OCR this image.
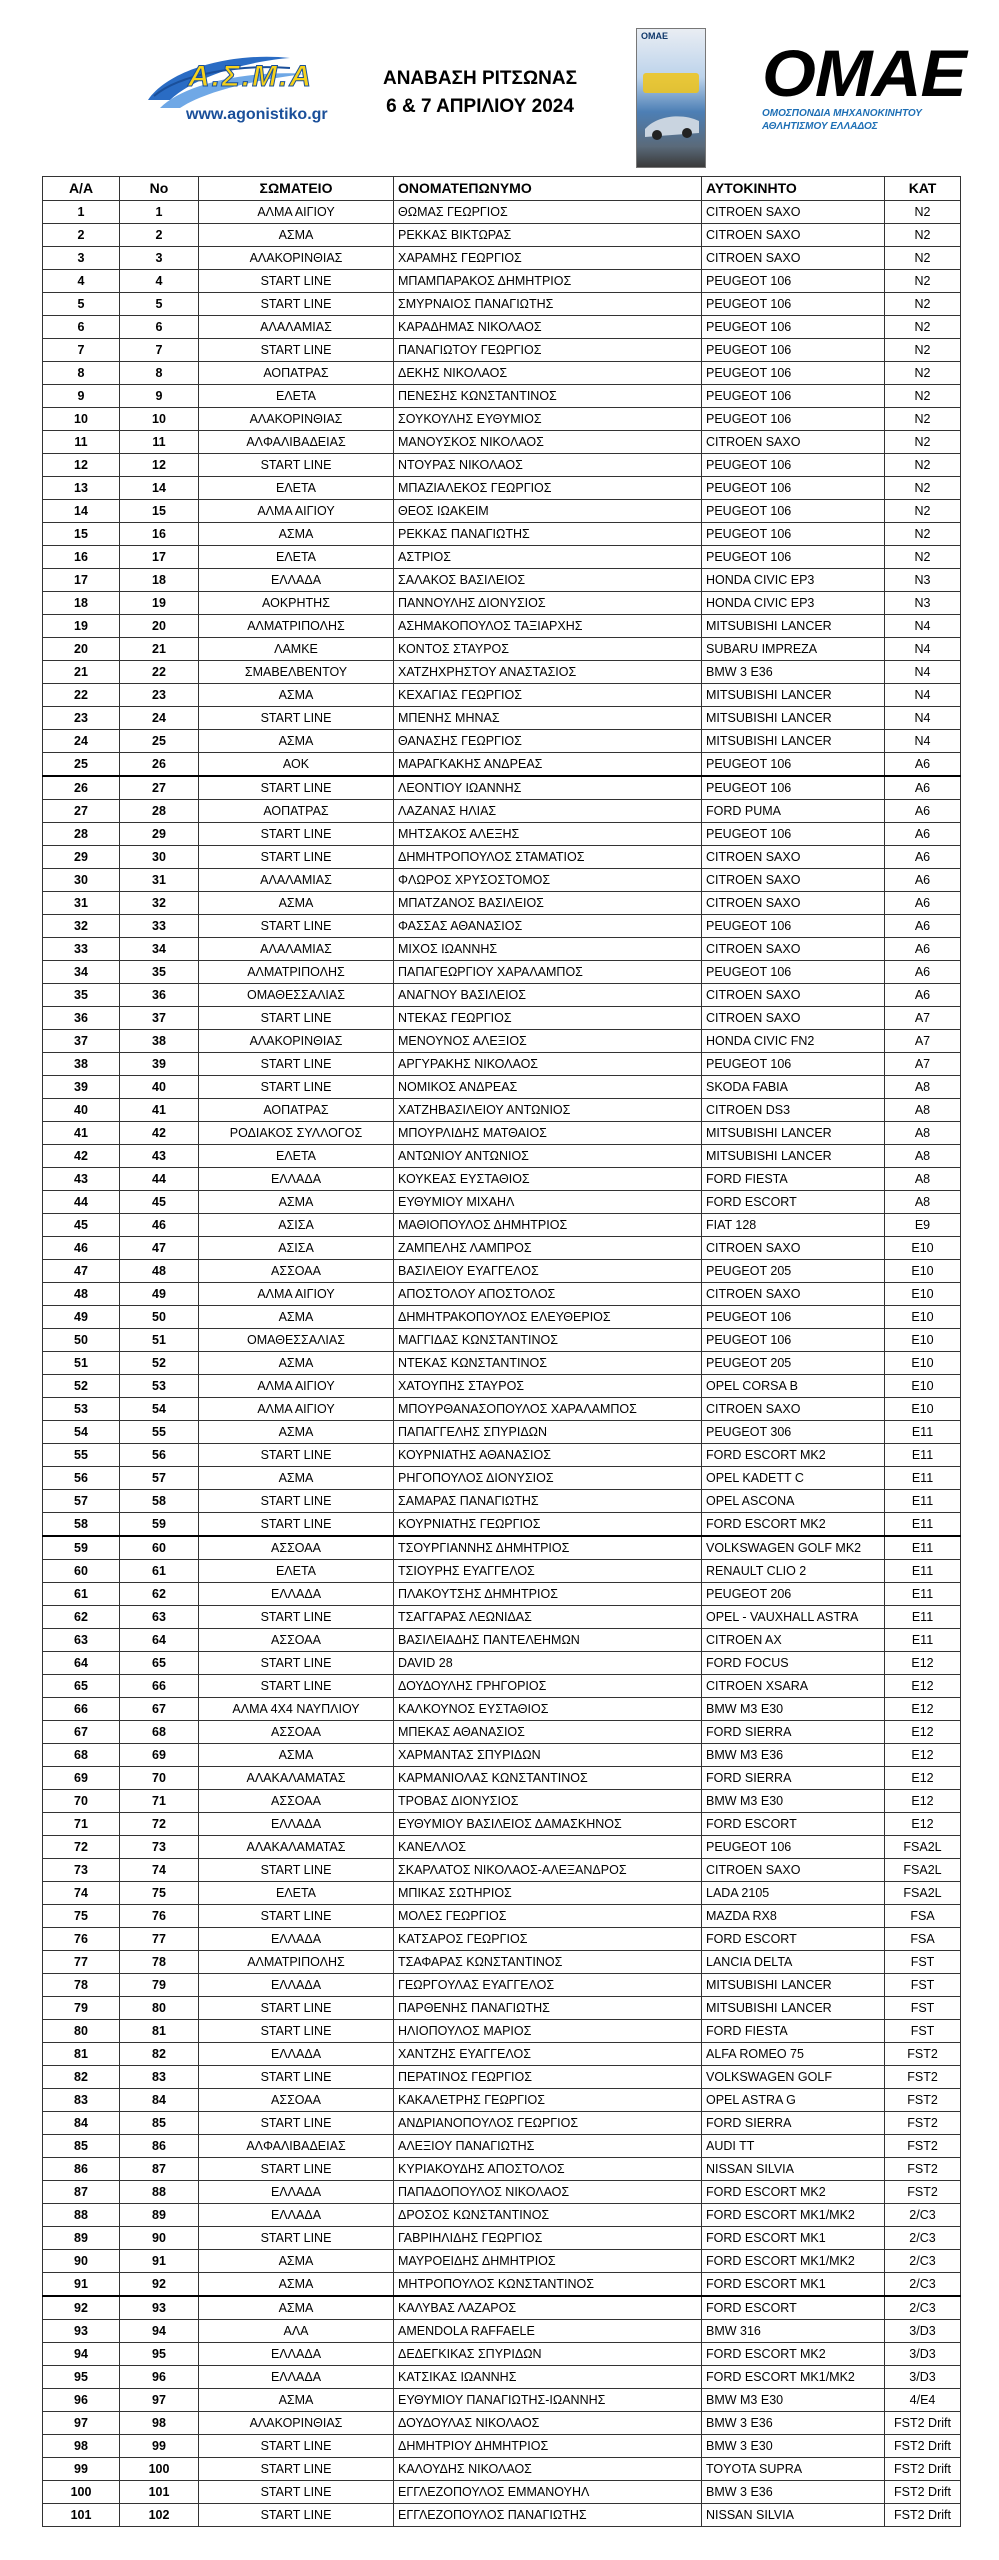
Α.Σ.Μ.Α
www.agonistiko.gr
ΑΝΑΒΑΣΗ ΡΙΤΣΩΝΑΣ
6 & 7 ΑΠΡΙΛΙΟΥ 2024
ΟΜΑΕ ΟΜΑΕ
ΟΜΟΣΠΟΝΔΙΑ ΜΗΧΑΝΟΚΙΝΗΤΟΥ
ΑΘΛΗΤΙΣΜΟΥ ΕΛΛΑΔΟΣ
Α/Α	Νο	ΣΩΜΑΤΕΙΟ	ΟΝΟΜΑΤΕΠΩΝΥΜΟ	ΑΥΤΟΚΙΝΗΤΟ	ΚΑΤ
1	1	ΑΛΜΑ ΑΙΓΙΟΥ	ΘΩΜΑΣ ΓΕΩΡΓΙΟΣ	CITROEN SAXO	N2
2	2	ΑΣΜΑ	ΡΕΚΚΑΣ ΒΙΚΤΩΡΑΣ	CITROEN SAXO	N2
3	3	ΑΛΑΚΟΡΙΝΘΙΑΣ	ΧΑΡΑΜΗΣ ΓΕΩΡΓΙΟΣ	CITROEN SAXO	N2
4	4	START LINE	ΜΠΑΜΠΑΡΑΚΟΣ ΔΗΜΗΤΡΙΟΣ	PEUGEOT 106	N2
5	5	START LINE	ΣΜΥΡΝΑΙΟΣ ΠΑΝΑΓΙΩΤΗΣ	PEUGEOT 106	N2
6	6	ΑΛΑΛΑΜΙΑΣ	ΚΑΡΑΔΗΜΑΣ ΝΙΚΟΛΑΟΣ	PEUGEOT 106	N2
7	7	START LINE	ΠΑΝΑΓΙΩΤΟΥ ΓΕΩΡΓΙΟΣ	PEUGEOT 106	N2
8	8	ΑΟΠΑΤΡΑΣ	ΔΕΚΗΣ ΝΙΚΟΛΑΟΣ	PEUGEOT 106	N2
9	9	ΕΛΕΤΑ	ΠΕΝΕΣΗΣ ΚΩΝΣΤΑΝΤΙΝΟΣ	PEUGEOT 106	N2
10	10	ΑΛΑΚΟΡΙΝΘΙΑΣ	ΣΟΥΚΟΥΛΗΣ ΕΥΘΥΜΙΟΣ	PEUGEOT 106	N2
11	11	ΑΛΦΑΛΙΒΑΔΕΙΑΣ	ΜΑΝΟΥΣΚΟΣ ΝΙΚΟΛΑΟΣ	CITROEN SAXO	N2
12	12	START LINE	ΝΤΟΥΡΑΣ ΝΙΚΟΛΑΟΣ	PEUGEOT 106	N2
13	14	ΕΛΕΤΑ	ΜΠΑΖΙΑΛΕΚΟΣ ΓΕΩΡΓΙΟΣ	PEUGEOT 106	N2
14	15	ΑΛΜΑ ΑΙΓΙΟΥ	ΘΕΟΣ ΙΩΑΚΕΙΜ	PEUGEOT 106	N2
15	16	ΑΣΜΑ	ΡΕΚΚΑΣ ΠΑΝΑΓΙΩΤΗΣ	PEUGEOT 106	N2
16	17	ΕΛΕΤΑ	ΑΣΤΡΙΟΣ	PEUGEOT 106	N2
17	18	ΕΛΛΑΔΑ	ΣΑΛΑΚΟΣ ΒΑΣΙΛΕΙΟΣ	HONDA CIVIC EP3	N3
18	19	ΑΟΚΡΗΤΗΣ	ΠΑΝΝΟΥΛΗΣ ΔΙΟΝΥΣΙΟΣ	HONDA CIVIC EP3	N3
19	20	ΑΛΜΑΤΡΙΠΟΛΗΣ	ΑΣΗΜΑΚΟΠΟΥΛΟΣ ΤΑΞΙΑΡΧΗΣ	MITSUBISHI LANCER	N4
20	21	ΛΑΜΚΕ	ΚΟΝΤΟΣ ΣΤΑΥΡΟΣ	SUBARU IMPREZA	N4
21	22	ΣΜΑΒΕΛΒΕΝΤΟΥ	ΧΑΤΖΗΧΡΗΣΤΟΥ ΑΝΑΣΤΑΣΙΟΣ	BMW 3 E36	N4
22	23	ΑΣΜΑ	ΚΕΧΑΓΙΑΣ ΓΕΩΡΓΙΟΣ	MITSUBISHI LANCER	N4
23	24	START LINE	ΜΠΕΝΗΣ ΜΗΝΑΣ	MITSUBISHI LANCER	N4
24	25	ΑΣΜΑ	ΘΑΝΑΣΗΣ ΓΕΩΡΓΙΟΣ	MITSUBISHI LANCER	N4
25	26	ΑΟΚ	ΜΑΡΑΓΚΑΚΗΣ ΑΝΔΡΕΑΣ	PEUGEOT 106	A6
26	27	START LINE	ΛΕΟΝΤΙΟΥ ΙΩΑΝΝΗΣ	PEUGEOT 106	A6
27	28	ΑΟΠΑΤΡΑΣ	ΛΑΖΑΝΑΣ ΗΛΙΑΣ	FORD PUMA	A6
28	29	START LINE	ΜΗΤΣΑΚΟΣ ΑΛΕΞΗΣ	PEUGEOT 106	A6
29	30	START LINE	ΔΗΜΗΤΡΟΠΟΥΛΟΣ ΣΤΑΜΑΤΙΟΣ	CITROEN SAXO	A6
30	31	ΑΛΑΛΑΜΙΑΣ	ΦΛΩΡΟΣ ΧΡΥΣΟΣΤΟΜΟΣ	CITROEN SAXO	A6
31	32	ΑΣΜΑ	ΜΠΑΤΖΑΝΟΣ ΒΑΣΙΛΕΙΟΣ	CITROEN SAXO	A6
32	33	START LINE	ΦΑΣΣΑΣ ΑΘΑΝΑΣΙΟΣ	PEUGEOT 106	A6
33	34	ΑΛΑΛΑΜΙΑΣ	ΜΙΧΟΣ ΙΩΑΝΝΗΣ	CITROEN SAXO	A6
34	35	ΑΛΜΑΤΡΙΠΟΛΗΣ	ΠΑΠΑΓΕΩΡΓΙΟΥ ΧΑΡΑΛΑΜΠΟΣ	PEUGEOT 106	A6
35	36	ΟΜΑΘΕΣΣΑΛΙΑΣ	ΑΝΑΓΝΟΥ ΒΑΣΙΛΕΙΟΣ	CITROEN SAXO	A6
36	37	START LINE	ΝΤΕΚΑΣ ΓΕΩΡΓΙΟΣ	CITROEN SAXO	A7
37	38	ΑΛΑΚΟΡΙΝΘΙΑΣ	ΜΕΝΟΥΝΟΣ ΑΛΕΞΙΟΣ	HONDA CIVIC FN2	A7
38	39	START LINE	ΑΡΓΥΡΑΚΗΣ ΝΙΚΟΛΑΟΣ	PEUGEOT 106	A7
39	40	START LINE	ΝΟΜΙΚΟΣ ΑΝΔΡΕΑΣ	SKODA FABIA	A8
40	41	ΑΟΠΑΤΡΑΣ	ΧΑΤΖΗΒΑΣΙΛΕΙΟΥ ΑΝΤΩΝΙΟΣ	CITROEN DS3	A8
41	42	ΡΟΔΙΑΚΟΣ ΣΥΛΛΟΓΟΣ	ΜΠΟΥΡΛΙΔΗΣ ΜΑΤΘΑΙΟΣ	MITSUBISHI LANCER	A8
42	43	ΕΛΕΤΑ	ΑΝΤΩΝΙΟΥ ΑΝΤΩΝΙΟΣ	MITSUBISHI LANCER	A8
43	44	ΕΛΛΑΔΑ	ΚΟΥΚΕΑΣ ΕΥΣΤΑΘΙΟΣ	FORD FIESTA	A8
44	45	ΑΣΜΑ	ΕΥΘΥΜΙΟΥ ΜΙΧΑΗΛ	FORD ESCORT	A8
45	46	ΑΣΙΣΑ	ΜΑΘΙΟΠΟΥΛΟΣ ΔΗΜΗΤΡΙΟΣ	FIAT 128	E9
46	47	ΑΣΙΣΑ	ΖΑΜΠΕΛΗΣ ΛΑΜΠΡΟΣ	CITROEN SAXO	E10
47	48	ΑΣΣΟΑΑ	ΒΑΣΙΛΕΙΟΥ ΕΥΑΓΓΕΛΟΣ	PEUGEOT 205	E10
48	49	ΑΛΜΑ ΑΙΓΙΟΥ	ΑΠΟΣΤΟΛΟΥ ΑΠΟΣΤΟΛΟΣ	CITROEN SAXO	E10
49	50	ΑΣΜΑ	ΔΗΜΗΤΡΑΚΟΠΟΥΛΟΣ ΕΛΕΥΘΕΡΙΟΣ	PEUGEOT 106	E10
50	51	ΟΜΑΘΕΣΣΑΛΙΑΣ	ΜΑΓΓΙΔΑΣ ΚΩΝΣΤΑΝΤΙΝΟΣ	PEUGEOT 106	E10
51	52	ΑΣΜΑ	ΝΤΕΚΑΣ ΚΩΝΣΤΑΝΤΙΝΟΣ	PEUGEOT 205	E10
52	53	ΑΛΜΑ ΑΙΓΙΟΥ	ΧΑΤΟΥΠΗΣ ΣΤΑΥΡΟΣ	OPEL CORSA B	E10
53	54	ΑΛΜΑ ΑΙΓΙΟΥ	ΜΠΟΥΡΘΑΝΑΣΟΠΟΥΛΟΣ ΧΑΡΑΛΑΜΠΟΣ	CITROEN SAXO	E10
54	55	ΑΣΜΑ	ΠΑΠΑΓΓΕΛΗΣ ΣΠΥΡΙΔΩΝ	PEUGEOT 306	E11
55	56	START LINE	ΚΟΥΡΝΙΑΤΗΣ ΑΘΑΝΑΣΙΟΣ	FORD ESCORT MK2	E11
56	57	ΑΣΜΑ	ΡΗΓΟΠΟΥΛΟΣ ΔΙΟΝΥΣΙΟΣ	OPEL KADETT C	E11
57	58	START LINE	ΣΑΜΑΡΑΣ ΠΑΝΑΓΙΩΤΗΣ	OPEL ASCONA	E11
58	59	START LINE	ΚΟΥΡΝΙΑΤΗΣ ΓΕΩΡΓΙΟΣ	FORD ESCORT MK2	E11
59	60	ΑΣΣΟΑΑ	ΤΣΟΥΡΓΙΑΝΝΗΣ ΔΗΜΗΤΡΙΟΣ	VOLKSWAGEN GOLF MK2	E11
60	61	ΕΛΕΤΑ	ΤΣΙΟΥΡΗΣ ΕΥΑΓΓΕΛΟΣ	RENAULT CLIO 2	E11
61	62	ΕΛΛΑΔΑ	ΠΛΑΚΟΥΤΣΗΣ ΔΗΜΗΤΡΙΟΣ	PEUGEOT 206	E11
62	63	START LINE	ΤΣΑΓΓΑΡΑΣ ΛΕΩΝΙΔΑΣ	OPEL - VAUXHALL ASTRA	E11
63	64	ΑΣΣΟΑΑ	ΒΑΣΙΛΕΙΑΔΗΣ ΠΑΝΤΕΛΕΗΜΩΝ	CITROEN AX	E11
64	65	START LINE	DAVID 28	FORD FOCUS	E12
65	66	START LINE	ΔΟΥΔΟΥΛΗΣ ΓΡΗΓΟΡΙΟΣ	CITROEN XSARA	E12
66	67	ΑΛΜΑ 4Χ4 ΝΑΥΠΛΙΟΥ	ΚΑΛΚΟΥΝΟΣ ΕΥΣΤΑΘΙΟΣ	BMW M3 E30	E12
67	68	ΑΣΣΟΑΑ	ΜΠΕΚΑΣ ΑΘΑΝΑΣΙΟΣ	FORD SIERRA	E12
68	69	ΑΣΜΑ	ΧΑΡΜΑΝΤΑΣ ΣΠΥΡΙΔΩΝ	BMW M3 E36	E12
69	70	ΑΛΑΚΑΛΑΜΑΤΑΣ	ΚΑΡΜΑΝΙΟΛΑΣ ΚΩΝΣΤΑΝΤΙΝΟΣ	FORD SIERRA	E12
70	71	ΑΣΣΟΑΑ	ΤΡΟΒΑΣ ΔΙΟΝΥΣΙΟΣ	BMW M3 E30	E12
71	72	ΕΛΛΑΔΑ	ΕΥΘΥΜΙΟΥ ΒΑΣΙΛΕΙΟΣ ΔΑΜΑΣΚΗΝΟΣ	FORD ESCORT	E12
72	73	ΑΛΑΚΑΛΑΜΑΤΑΣ	ΚΑΝΕΛΛΟΣ	PEUGEOT 106	FSA2L
73	74	START LINE	ΣΚΑΡΛΑΤΟΣ ΝΙΚΟΛΑΟΣ-ΑΛΕΞΑΝΔΡΟΣ	CITROEN SAXO	FSA2L
74	75	ΕΛΕΤΑ	ΜΠΙΚΑΣ ΣΩΤΗΡΙΟΣ	LADA 2105	FSA2L
75	76	START LINE	ΜΟΛΕΣ ΓΕΩΡΓΙΟΣ	MAZDA RX8	FSA
76	77	ΕΛΛΑΔΑ	ΚΑΤΣΑΡΟΣ ΓΕΩΡΓΙΟΣ	FORD ESCORT	FSA
77	78	ΑΛΜΑΤΡΙΠΟΛΗΣ	ΤΣΑΦΑΡΑΣ ΚΩΝΣΤΑΝΤΙΝΟΣ	LANCIA DELTA	FST
78	79	ΕΛΛΑΔΑ	ΓΕΩΡΓΟΥΛΑΣ ΕΥΑΓΓΕΛΟΣ	MITSUBISHI LANCER	FST
79	80	START LINE	ΠΑΡΘΕΝΗΣ ΠΑΝΑΓΙΩΤΗΣ	MITSUBISHI LANCER	FST
80	81	START LINE	ΗΛΙΟΠΟΥΛΟΣ ΜΑΡΙΟΣ	FORD FIESTA	FST
81	82	ΕΛΛΑΔΑ	ΧΑΝΤΖΗΣ ΕΥΑΓΓΕΛΟΣ	ALFA ROMEO 75	FST2
82	83	START LINE	ΠΕΡΑΤΙΝΟΣ ΓΕΩΡΓΙΟΣ	VOLKSWAGEN GOLF	FST2
83	84	ΑΣΣΟΑΑ	ΚΑΚΑΛΕΤΡΗΣ ΓΕΩΡΓΙΟΣ	OPEL ASTRA G	FST2
84	85	START LINE	ΑΝΔΡΙΑΝΟΠΟΥΛΟΣ ΓΕΩΡΓΙΟΣ	FORD SIERRA	FST2
85	86	ΑΛΦΑΛΙΒΑΔΕΙΑΣ	ΑΛΕΞΙΟΥ ΠΑΝΑΓΙΩΤΗΣ	AUDI TT	FST2
86	87	START LINE	ΚΥΡΙΑΚΟΥΔΗΣ ΑΠΟΣΤΟΛΟΣ	NISSAN SILVIA	FST2
87	88	ΕΛΛΑΔΑ	ΠΑΠΑΔΟΠΟΥΛΟΣ ΝΙΚΟΛΑΟΣ	FORD ESCORT MK2	FST2
88	89	ΕΛΛΑΔΑ	ΔΡΟΣΟΣ ΚΩΝΣΤΑΝΤΙΝΟΣ	FORD ESCORT MK1/MK2	2/C3
89	90	START LINE	ΓΑΒΡΙΗΛΙΔΗΣ ΓΕΩΡΓΙΟΣ	FORD ESCORT MK1	2/C3
90	91	ΑΣΜΑ	ΜΑΥΡΟΕΙΔΗΣ ΔΗΜΗΤΡΙΟΣ	FORD ESCORT MK1/MK2	2/C3
91	92	ΑΣΜΑ	ΜΗΤΡΟΠΟΥΛΟΣ ΚΩΝΣΤΑΝΤΙΝΟΣ	FORD ESCORT MK1	2/C3
92	93	ΑΣΜΑ	ΚΑΛΥΒΑΣ ΛΑΖΑΡΟΣ	FORD ESCORT	2/C3
93	94	ΑΛΑ	AMENDOLA RAFFAELE	BMW 316	3/D3
94	95	ΕΛΛΑΔΑ	ΔΕΔΕΓΚΙΚΑΣ ΣΠΥΡΙΔΩΝ	FORD ESCORT MK2	3/D3
95	96	ΕΛΛΑΔΑ	ΚΑΤΣΙΚΑΣ ΙΩΑΝΝΗΣ	FORD ESCORT MK1/MK2	3/D3
96	97	ΑΣΜΑ	ΕΥΘΥΜΙΟΥ ΠΑΝΑΓΙΩΤΗΣ-ΙΩΑΝΝΗΣ	BMW M3 E30	4/E4
97	98	ΑΛΑΚΟΡΙΝΘΙΑΣ	ΔΟΥΔΟΥΛΑΣ ΝΙΚΟΛΑΟΣ	BMW 3 E36	FST2 Drift
98	99	START LINE	ΔΗΜΗΤΡΙΟΥ ΔΗΜΗΤΡΙΟΣ	BMW 3 E30	FST2 Drift
99	100	START LINE	ΚΑΛΟΥΔΗΣ ΝΙΚΟΛΑΟΣ	TOYOTA SUPRA	FST2 Drift
100	101	START LINE	ΕΓΓΛΕΖΟΠΟΥΛΟΣ ΕΜΜΑΝΟΥΗΛ	BMW 3 E36	FST2 Drift
101	102	START LINE	ΕΓΓΛΕΖΟΠΟΥΛΟΣ ΠΑΝΑΓΙΩΤΗΣ	NISSAN SILVIA	FST2 Drift
